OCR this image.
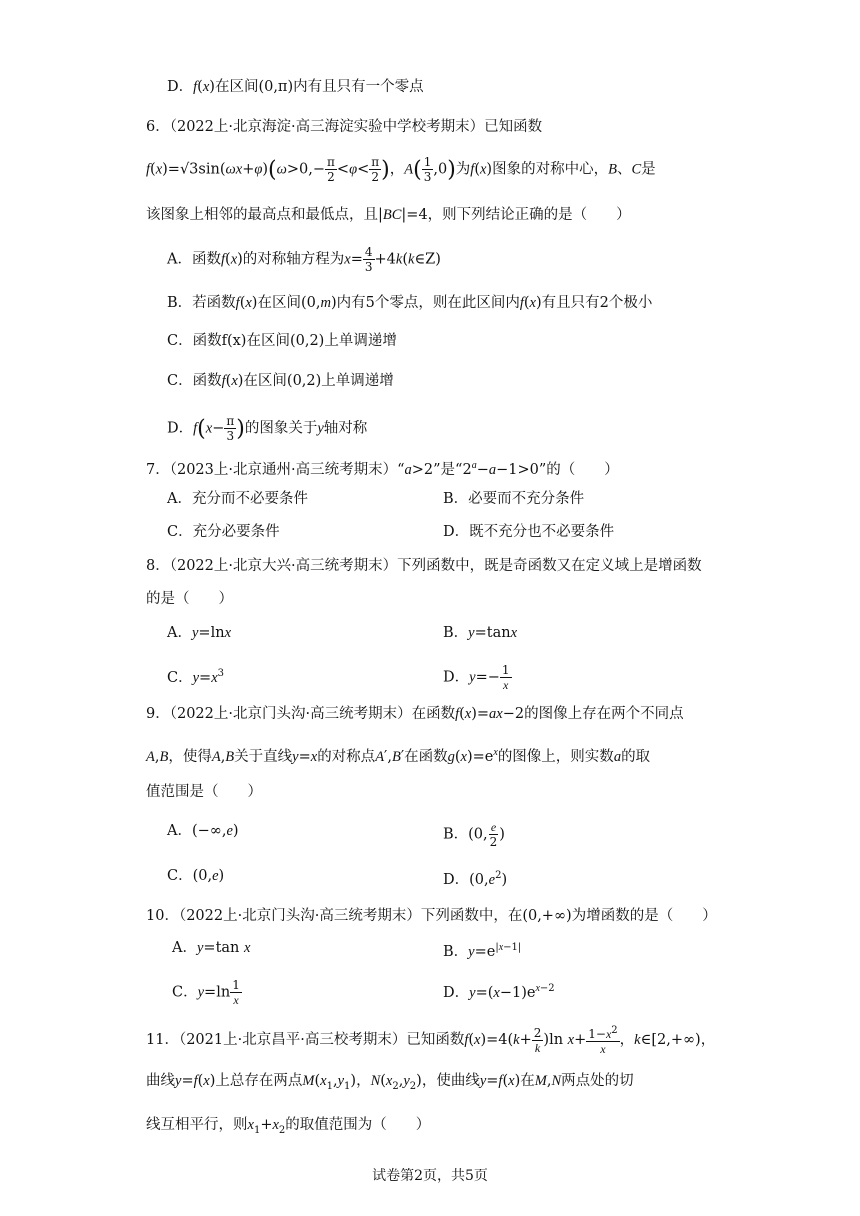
D．f(x)在区间(0,π)内有且只有一个零点
6．（2022上·北京海淀·高三海淀实验中学校考期末）已知函数
$f(x)=√3\sin(\omega x+\varphi)(\omega>0,- \frac{\pi}{2} <\varphi< \frac{\pi}{2}$ )，$A( \frac{1}{3} ,0)$为f(x)图象的对称中心，B、C是
该图象上相邻的最高点和最低点，且|BC|=4，则下列结论正确的是（　　）
A．函数f(x)的对称轴方程为$x= \frac{4}{3}$ +4k(k∈Z)
B．若函数f(x)在区间(0,m)内有5个零点，则在此区间内f(x)有且只有2个极小
C．函数f(x)在区间(0,2)上单调递增
C．函数f(x)在区间(0,2)上单调递增
D．$f(x- \frac{\pi}{3}$ )的图象关于y轴对称
7．（2023上·北京通州·高三统考期末）“a>2”是“$2^a-a-1>0$”的（　　）
A．充分而不必要条件	B．必要而不充分条件
C．充分必要条件	D．既不充分也不必要条件
8．（2022上·北京大兴·高三统考期末）下列函数中，既是奇函数又在定义域上是增函数
的是（　　）
A．y=lnx	B．y=tanx
C．$y=x^3$	D．$y=- \frac{1}{x}$
9．（2022上·北京门头沟·高三统考期末）在函数f(x)=ax−2的图像上存在两个不同点
A,B，使得A,B关于直线y=x的对称点A′,B′在函数$g(x)=e^x$的图像上，则实数a的取
值范围是（　　）
A．(−∞,e)	B．(0, $\frac{e}{2}$ )
C．(0,e)	D．$(0,e^2)$
10．（2022上·北京门头沟·高三统考期末）下列函数中，在(0,+∞)为增函数的是（　　）
A．y=tan x	B．$y=e^{|x-1|}$
C．$y=\ln \frac{1}{x}$	D．$y=(x-1)e^{x-2}$
11．（2021上·北京昌平·高三校考期末）已知函数$f(x)=4(k+ \frac{2}{k} )\ln$ $x+ \frac{1-x^2}{x}$ ，k∈[2,+∞)，
曲线y=f(x)上总存在两点$M(x_1,y_1)$，$N(x_2,y_2)$，使曲线y=f(x)在M,N两点处的切
线互相平行，则$x_1+x_2$的取值范围为（　　）
试卷第2页，共5页
